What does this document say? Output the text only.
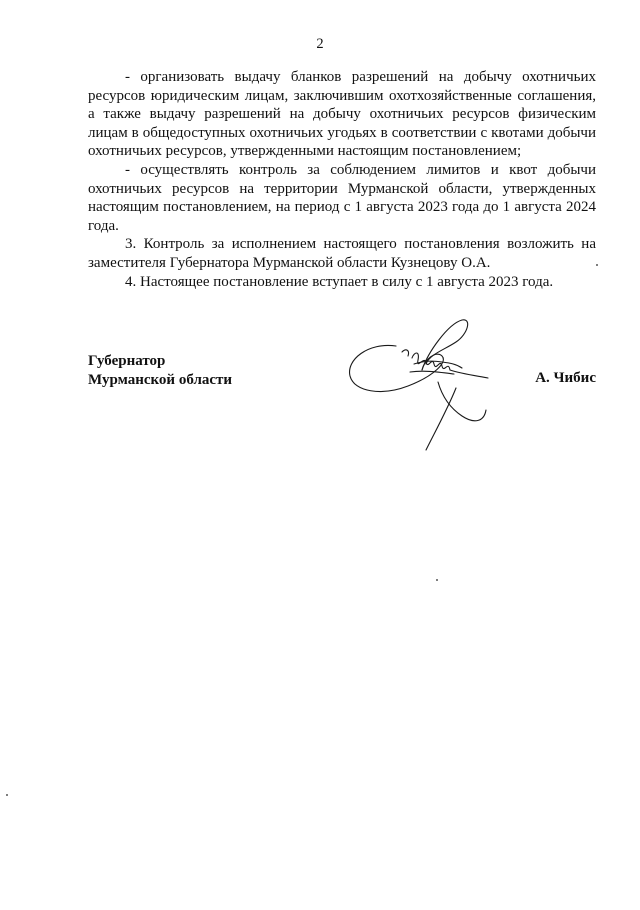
2

- организовать выдачу бланков разрешений на добычу охотничьих ресурсов юридическим лицам, заключившим охотхозяйственные соглашения, а также выдачу разрешений на добычу охотничьих ресурсов физическим лицам в общедоступных охотничьих угодьях в соответствии с квотами добычи охотничьих ресурсов, утвержденными настоящим постановлением;

- осуществлять контроль за соблюдением лимитов и квот добычи охотничьих ресурсов на территории Мурманской области, утвержденных настоящим постановлением, на период с 1 августа 2023 года до 1 августа 2024 года.

3. Контроль за исполнением настоящего постановления возложить на заместителя Губернатора Мурманской области Кузнецову О.А.

4. Настоящее постановление вступает в силу с 1 августа 2023 года.

Губернатор
Мурманской области	А. Чибис
